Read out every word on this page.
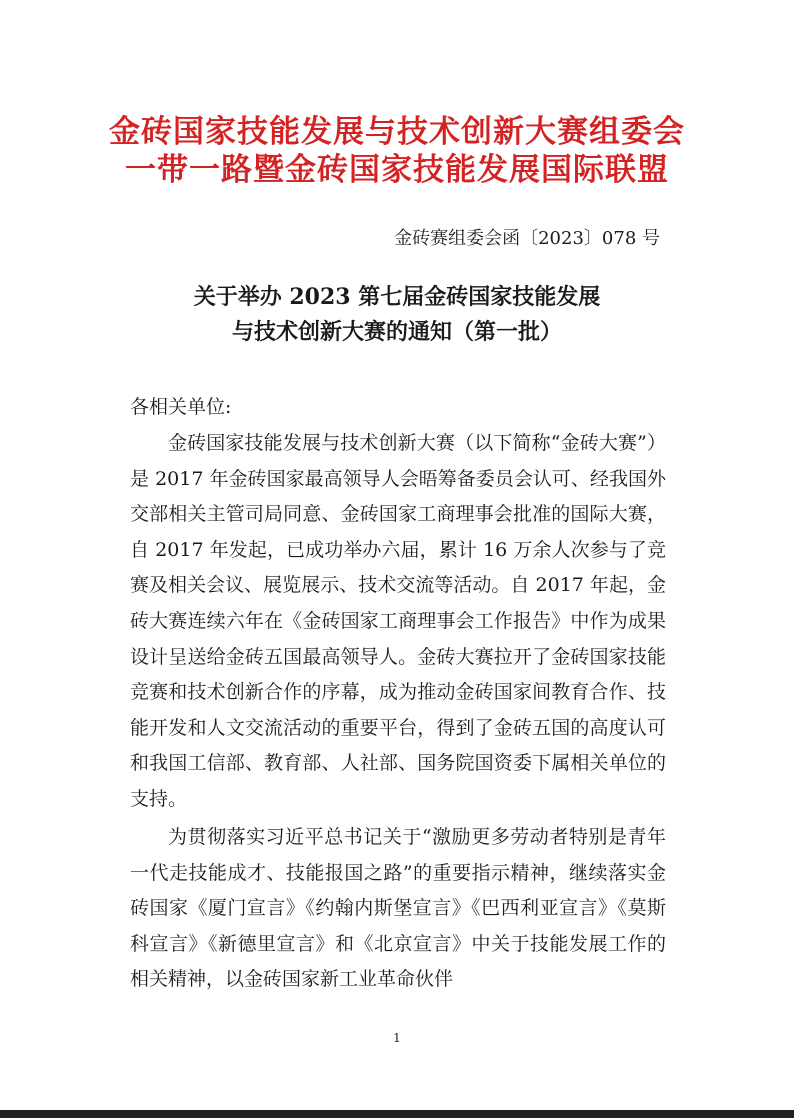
金砖国家技能发展与技术创新大赛组委会
一带一路暨金砖国家技能发展国际联盟
金砖赛组委会函〔2023〕078 号
关于举办 2023 第七届金砖国家技能发展
与技术创新大赛的通知（第一批）
各相关单位:

金砖国家技能发展与技术创新大赛（以下简称“金砖大赛”）是 2017 年金砖国家最高领导人会晤筹备委员会认可、经我国外交部相关主管司局同意、金砖国家工商理事会批准的国际大赛，自 2017 年发起，已成功举办六届，累计 16 万余人次参与了竞赛及相关会议、展览展示、技术交流等活动。自 2017 年起，金砖大赛连续六年在《金砖国家工商理事会工作报告》中作为成果设计呈送给金砖五国最高领导人。金砖大赛拉开了金砖国家技能竞赛和技术创新合作的序幕，成为推动金砖国家间教育合作、技能开发和人文交流活动的重要平台，得到了金砖五国的高度认可和我国工信部、教育部、人社部、国务院国资委下属相关单位的支持。

为贯彻落实习近平总书记关于“激励更多劳动者特别是青年一代走技能成才、技能报国之路”的重要指示精神，继续落实金砖国家《厦门宣言》《约翰内斯堡宣言》《巴西利亚宣言》《莫斯科宣言》《新德里宣言》和《北京宣言》中关于技能发展工作的相关精神，以金砖国家新工业革命伙伴

1
